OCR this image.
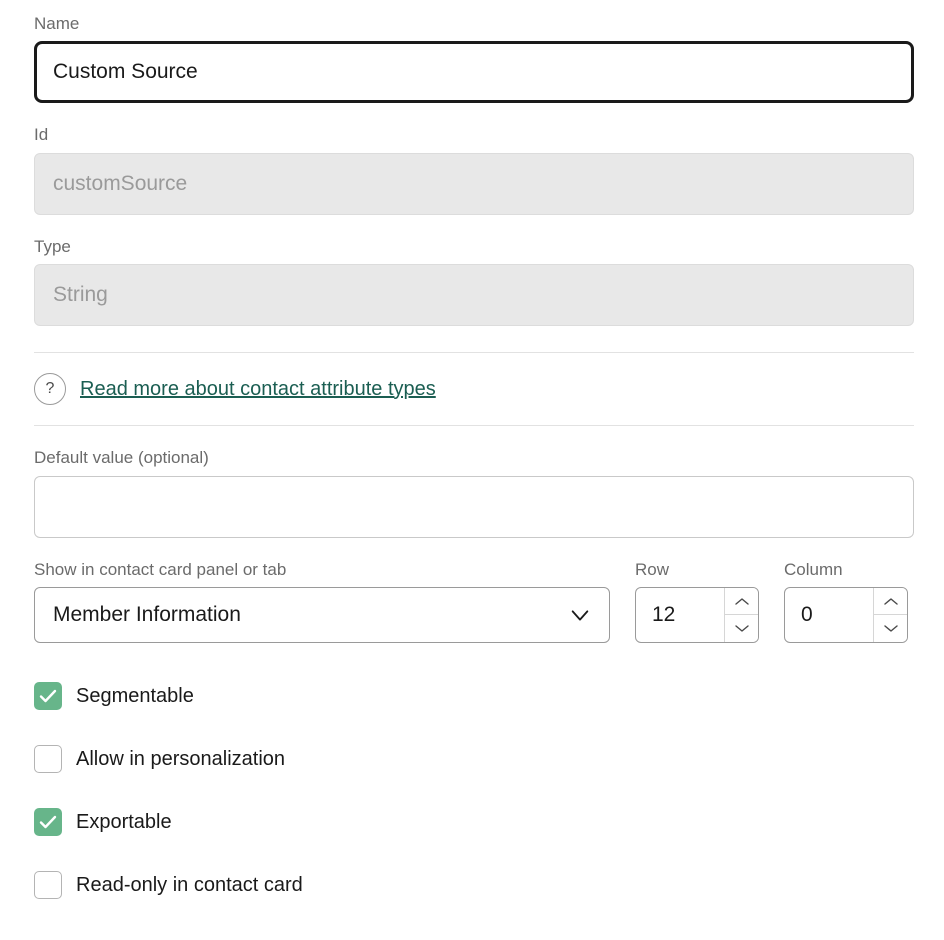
Name
Custom Source
Id
customSource
Type
String
?	Read more about contact attribute types
Default value (optional)
Show in contact card panel or tab
Member Information
Row
12
Column
0
Segmentable
Allow in personalization
Exportable
Read-only in contact card
